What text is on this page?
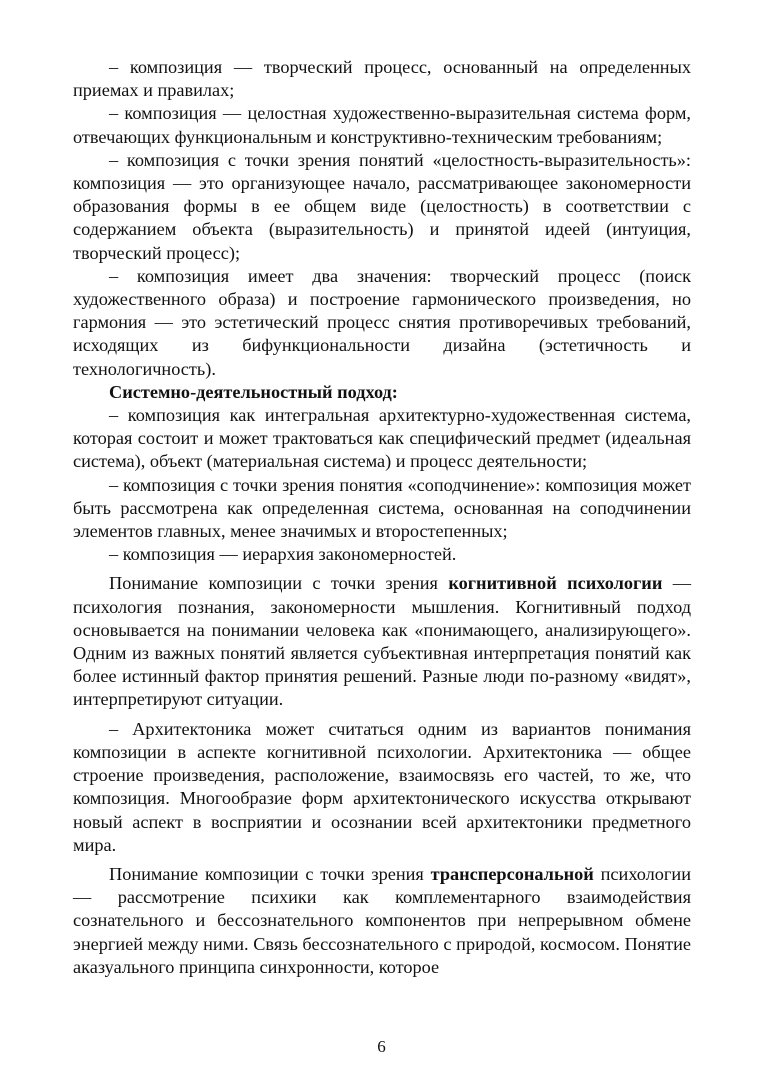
– композиция — творческий процесс, основанный на определенных приемах и правилах;

– композиция — целостная художественно-выразительная система форм, отвечающих функциональным и конструктивно-техническим требованиям;

– композиция с точки зрения понятий «целостность-выразительность»: композиция — это организующее начало, рассматривающее закономерности образования формы в ее общем виде (целостность) в соответствии с содержанием объекта (выразительность) и принятой идеей (интуиция, творческий процесс);

– композиция имеет два значения: творческий процесс (поиск художественного образа) и построение гармонического произведения, но гармония — это эстетический процесс снятия противоречивых требований, исходящих из бифункциональности дизайна (эстетичность и технологичность).

Системно-деятельностный подход:

– композиция как интегральная архитектурно-художественная система, которая состоит и может трактоваться как специфический предмет (идеальная система), объект (материальная система) и процесс деятельности;

– композиция с точки зрения понятия «соподчинение»: композиция может быть рассмотрена как определенная система, основанная на соподчинении элементов главных, менее значимых и второстепенных;

– композиция — иерархия закономерностей.

Понимание композиции с точки зрения когнитивной психологии — психология познания, закономерности мышления. Когнитивный подход основывается на понимании человека как «понимающего, анализирующего». Одним из важных понятий является субъективная интерпретация понятий как более истинный фактор принятия решений. Разные люди по-разному «видят», интерпретируют ситуации.

– Архитектоника может считаться одним из вариантов понимания композиции в аспекте когнитивной психологии. Архитектоника — общее строение произведения, расположение, взаимосвязь его частей, то же, что композиция. Многообразие форм архитектонического искусства открывают новый аспект в восприятии и осознании всей архитектоники предметного мира.

Понимание композиции с точки зрения трансперсональной психологии — рассмотрение психики как комплементарного взаимодействия сознательного и бессознательного компонентов при непрерывном обмене энергией между ними. Связь бессознательного с природой, космосом. Понятие аказуального принципа синхронности, которое

6
